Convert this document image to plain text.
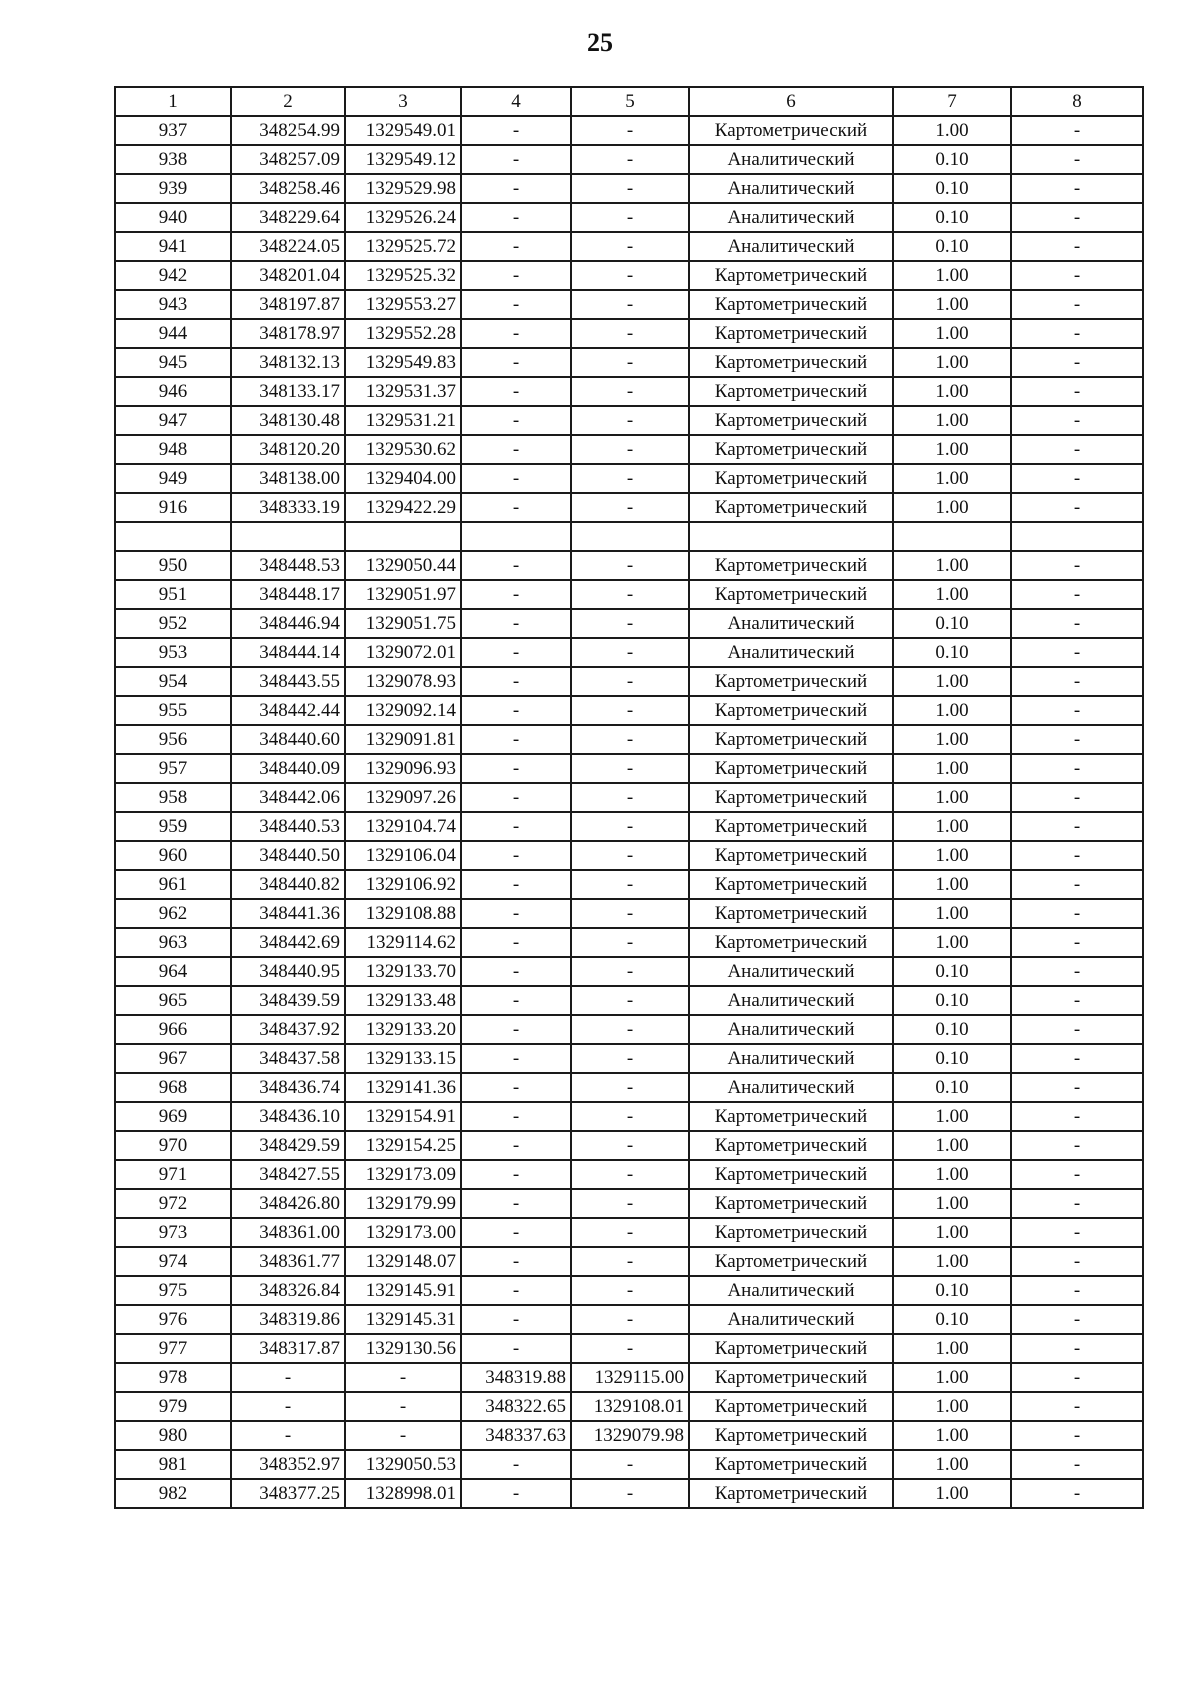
25
1	2	3	4	5	6	7	8
937	348254.99	1329549.01	-	-	Картометрический	1.00	-
938	348257.09	1329549.12	-	-	Аналитический	0.10	-
939	348258.46	1329529.98	-	-	Аналитический	0.10	-
940	348229.64	1329526.24	-	-	Аналитический	0.10	-
941	348224.05	1329525.72	-	-	Аналитический	0.10	-
942	348201.04	1329525.32	-	-	Картометрический	1.00	-
943	348197.87	1329553.27	-	-	Картометрический	1.00	-
944	348178.97	1329552.28	-	-	Картометрический	1.00	-
945	348132.13	1329549.83	-	-	Картометрический	1.00	-
946	348133.17	1329531.37	-	-	Картометрический	1.00	-
947	348130.48	1329531.21	-	-	Картометрический	1.00	-
948	348120.20	1329530.62	-	-	Картометрический	1.00	-
949	348138.00	1329404.00	-	-	Картометрический	1.00	-
916	348333.19	1329422.29	-	-	Картометрический	1.00	-

950	348448.53	1329050.44	-	-	Картометрический	1.00	-
951	348448.17	1329051.97	-	-	Картометрический	1.00	-
952	348446.94	1329051.75	-	-	Аналитический	0.10	-
953	348444.14	1329072.01	-	-	Аналитический	0.10	-
954	348443.55	1329078.93	-	-	Картометрический	1.00	-
955	348442.44	1329092.14	-	-	Картометрический	1.00	-
956	348440.60	1329091.81	-	-	Картометрический	1.00	-
957	348440.09	1329096.93	-	-	Картометрический	1.00	-
958	348442.06	1329097.26	-	-	Картометрический	1.00	-
959	348440.53	1329104.74	-	-	Картометрический	1.00	-
960	348440.50	1329106.04	-	-	Картометрический	1.00	-
961	348440.82	1329106.92	-	-	Картометрический	1.00	-
962	348441.36	1329108.88	-	-	Картометрический	1.00	-
963	348442.69	1329114.62	-	-	Картометрический	1.00	-
964	348440.95	1329133.70	-	-	Аналитический	0.10	-
965	348439.59	1329133.48	-	-	Аналитический	0.10	-
966	348437.92	1329133.20	-	-	Аналитический	0.10	-
967	348437.58	1329133.15	-	-	Аналитический	0.10	-
968	348436.74	1329141.36	-	-	Аналитический	0.10	-
969	348436.10	1329154.91	-	-	Картометрический	1.00	-
970	348429.59	1329154.25	-	-	Картометрический	1.00	-
971	348427.55	1329173.09	-	-	Картометрический	1.00	-
972	348426.80	1329179.99	-	-	Картометрический	1.00	-
973	348361.00	1329173.00	-	-	Картометрический	1.00	-
974	348361.77	1329148.07	-	-	Картометрический	1.00	-
975	348326.84	1329145.91	-	-	Аналитический	0.10	-
976	348319.86	1329145.31	-	-	Аналитический	0.10	-
977	348317.87	1329130.56	-	-	Картометрический	1.00	-
978	-	-	348319.88	1329115.00	Картометрический	1.00	-
979	-	-	348322.65	1329108.01	Картометрический	1.00	-
980	-	-	348337.63	1329079.98	Картометрический	1.00	-
981	348352.97	1329050.53	-	-	Картометрический	1.00	-
982	348377.25	1328998.01	-	-	Картометрический	1.00	-
